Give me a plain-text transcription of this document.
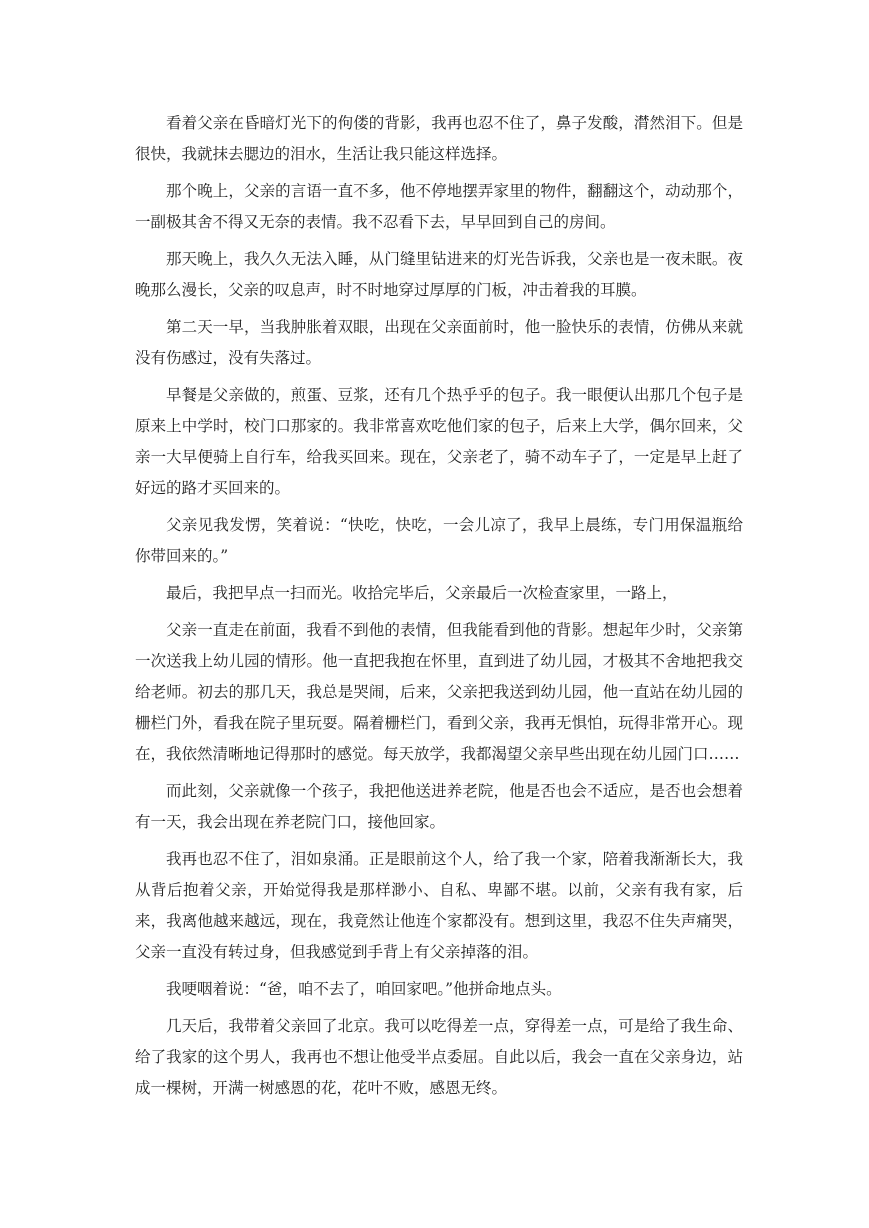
看着父亲在昏暗灯光下的佝偻的背影，我再也忍不住了，鼻子发酸，潸然泪下。但是很快，我就抹去腮边的泪水，生活让我只能这样选择。

那个晚上，父亲的言语一直不多，他不停地摆弄家里的物件，翻翻这个，动动那个，一副极其舍不得又无奈的表情。我不忍看下去，早早回到自己的房间。

那天晚上，我久久无法入睡，从门缝里钻进来的灯光告诉我，父亲也是一夜未眠。夜晚那么漫长，父亲的叹息声，时不时地穿过厚厚的门板，冲击着我的耳膜。

第二天一早，当我肿胀着双眼，出现在父亲面前时，他一脸快乐的表情，仿佛从来就没有伤感过，没有失落过。

早餐是父亲做的，煎蛋、豆浆，还有几个热乎乎的包子。我一眼便认出那几个包子是原来上中学时，校门口那家的。我非常喜欢吃他们家的包子，后来上大学，偶尔回来，父亲一大早便骑上自行车，给我买回来。现在，父亲老了，骑不动车子了，一定是早上赶了好远的路才买回来的。

父亲见我发愣，笑着说：“快吃，快吃，一会儿凉了，我早上晨练，专门用保温瓶给你带回来的。”

最后，我把早点一扫而光。收拾完毕后，父亲最后一次检查家里，一路上，

父亲一直走在前面，我看不到他的表情，但我能看到他的背影。想起年少时，父亲第一次送我上幼儿园的情形。他一直把我抱在怀里，直到进了幼儿园，才极其不舍地把我交给老师。初去的那几天，我总是哭闹，后来，父亲把我送到幼儿园，他一直站在幼儿园的栅栏门外，看我在院子里玩耍。隔着栅栏门，看到父亲，我再无惧怕，玩得非常开心。现在，我依然清晰地记得那时的感觉。每天放学，我都渴望父亲早些出现在幼儿园门口……

而此刻，父亲就像一个孩子，我把他送进养老院，他是否也会不适应，是否也会想着有一天，我会出现在养老院门口，接他回家。

我再也忍不住了，泪如泉涌。正是眼前这个人，给了我一个家，陪着我渐渐长大，我从背后抱着父亲，开始觉得我是那样渺小、自私、卑鄙不堪。以前，父亲有我有家，后来，我离他越来越远，现在，我竟然让他连个家都没有。想到这里，我忍不住失声痛哭，父亲一直没有转过身，但我感觉到手背上有父亲掉落的泪。

我哽咽着说：“爸，咱不去了，咱回家吧。”他拼命地点头。

几天后，我带着父亲回了北京。我可以吃得差一点，穿得差一点，可是给了我生命、给了我家的这个男人，我再也不想让他受半点委屈。自此以后，我会一直在父亲身边，站成一棵树，开满一树感恩的花，花叶不败，感恩无终。
